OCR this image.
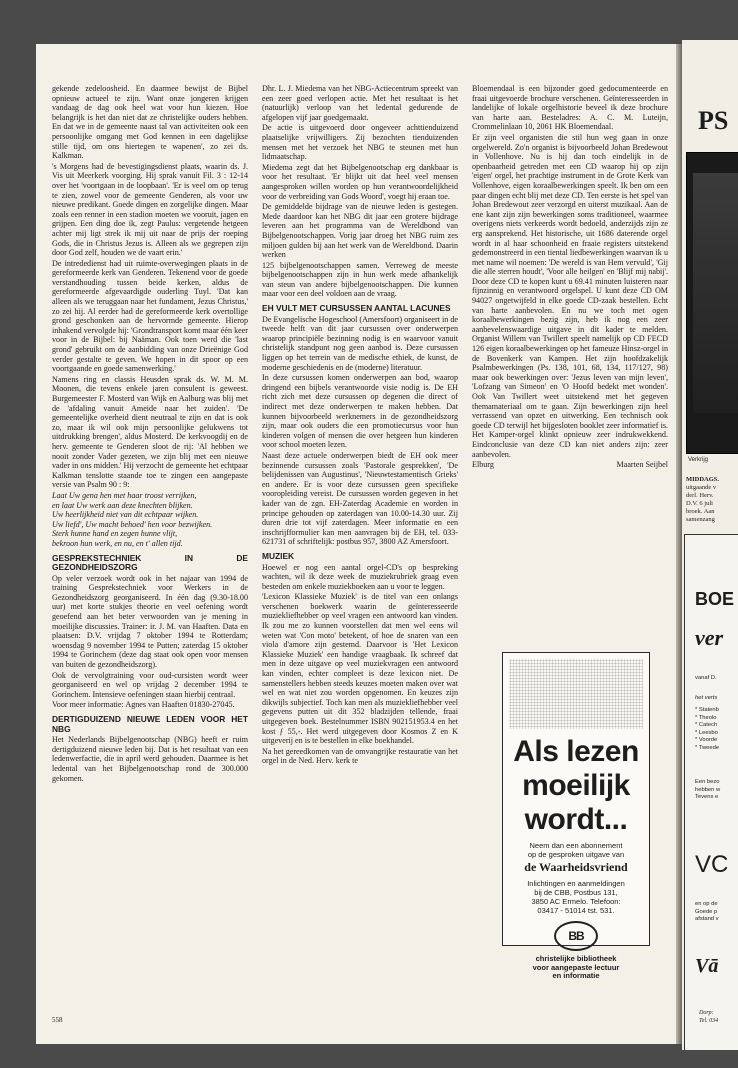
gekende zedeloosheid. En daarmee bewijst de Bijbel opnieuw actueel te zijn. Want onze jongeren krijgen vandaag de dag ook heel wat voor hun kiezen. Hoe belangrijk is het dan niet dat ze christelijke ouders hebben. En dat we in de gemeente naast tal van activiteiten ook een persoonlijke omgang met God kennen in een dagelijkse stille tijd, om ons hiertegen te wapenen', zo zei ds. Kalkman.

's Morgens had de bevestigingsdienst plaats, waarin ds. J. Vis uit Meerkerk voorging. Hij sprak vanuit Fil. 3 : 12-14 over het 'voortgaan in de loopbaan'. 'Er is veel om op terug te zien, zowel voor de gemeente Genderen, als voor uw nieuwe predikant. Goede dingen en zorgelijke dingen. Maar zoals een renner in een stadion moeten we vooruit, jagen en grijpen. Een ding doe ik, zegt Paulus: vergetende hetgeen achter mij ligt strek ik mij uit naar de prijs der roeping Gods, die in Christus Jezus is. Alleen als we gegrepen zijn door God zelf, houden we de vaart erin.'

De intrededienst had uit ruimte-overwegingen plaats in de gereformeerde kerk van Genderen. Tekenend voor de goede verstandhouding tussen beide kerken, aldus de gereformeerde afgevaardigde ouderling Tuyl. 'Dat kan alleen als we teruggaan naar het fundament, Jezus Christus,' zo zei hij. Al eerder had de gereformeerde kerk overtollige grond geschonken aan de hervormde gemeente. Hierop inhakend vervolgde hij: 'Grondtransport komt maar één keer voor in de Bijbel: bij Naäman. Ook toen werd die 'last grond' gebruikt om de aanbidding van onze Drieënige God verder gestalte te geven. We hopen in dit spoor op een voortgaande en goede samenwerking.'

Namens ring en classis Heusden sprak ds. W. M. M. Moonen, die tevens enkele jaren consulent is geweest. Burgemeester F. Mosterd van Wijk en Aalburg was blij met de 'afdaling vanuit Ameide naar het zuiden'. 'De gemeentelijke overheid dient neutraal te zijn en dat is ook zo, maar ik wil ook mijn persoonlijke gelukwens tot uitdrukking brengen', aldus Mosterd. De kerkvoogdij en de herv. gemeente te Genderen sloot de rij: 'Al hebben we nooit zonder Vader gezeten, we zijn blij met een nieuwe vader in ons midden.' Hij verzocht de gemeente het echtpaar Kalkman tenslotte staande toe te zingen een aangepaste versie van Psalm 90 : 9:

Laat Uw gena hen met haar troost verrijken,
en laat Uw werk aan deze knechten blijken.
Uw heerlijkheid niet van dit echtpaar wijken.
Uw liefd', Uw macht behoed' hen voor bezwijken.
Sterk hunne hand en zegen hunne vlijt,
bekroon hun werk, en nu, en t' allen tijd.
GESPREKSTECHNIEK IN DE GEZONDHEIDSZORG

Op veler verzoek wordt ook in het najaar van 1994 de training Gesprekstechniek voor Werkers in de Gezondheidszorg georganiseerd. In één dag (9.30-18.00 uur) met korte stukjes theorie en veel oefening wordt geoefend aan het beter verwoorden van je mening in moeilijke discussies. Trainer: ir. J. M. van Haaften. Data en plaatsen: D.V. vrijdag 7 oktober 1994 te Rotterdam; woensdag 9 november 1994 te Putten; zaterdag 15 oktober 1994 te Gorinchem (deze dag staat ook open voor mensen van buiten de gezondheidszorg).

Ook de vervolgtraining voor oud-cursisten wordt weer georganiseerd en wel op vrijdag 2 december 1994 te Gorinchem. Intensieve oefeningen staan hierbij centraal.

Voor meer informatie: Agnes van Haaften 01830-27045.

DERTIGDUIZEND NIEUWE LEDEN VOOR HET NBG

Het Nederlands Bijbelgenootschap (NBG) heeft er ruim dertigduizend nieuwe leden bij. Dat is het resultaat van een ledenwerfactie, die in april werd gehouden. Daarmee is het ledental van het Bijbelgenootschap rond de 300.000 gekomen.

Dhr. L. J. Miedema van het NBG-Actiecentrum spreekt van een zeer goed verlopen actie. Met het resultaat is het (natuurlijk) verloop van het ledental gedurende de afgelopen vijf jaar goedgemaakt.

De actie is uitgevoerd door ongeveer achttienduizend plaatselijke vrijwilligers. Zij bezochten tienduizenden mensen met het verzoek het NBG te steunen met hun lidmaatschap.

Miedema zegt dat het Bijbelgenootschap erg dankbaar is voor het resultaat. 'Er blijkt uit dat heel veel mensen aangesproken willen worden op hun verantwoordelijkheid voor de verbreiding van Gods Woord', voegt hij eraan toe.

De gemiddelde bijdrage van de nieuwe leden is gestegen. Mede daardoor kan het NBG dit jaar een grotere bijdrage leveren aan het programma van de Wereldbond van Bijbelgenootschappen. Vorig jaar droeg het NBG ruim zes miljoen gulden bij aan het werk van de Wereldbond. Daarin werken

125 bijbelgenootschappen samen. Verreweg de meeste bijbelgenootschappen zijn in hun werk mede afhankelijk van steun van andere bijbelgenootschappen. Die kunnen maar voor een deel voldoen aan de vraag.

EH VULT MET CURSUSSEN AANTAL LACUNES

De Evangelische Hogeschool (Amersfoort) organiseert in de tweede helft van dit jaar cursussen over onderwerpen waarop principiële bezinning nodig is en waarvoor vanuit christelijk standpunt nog geen aanbod is. Deze cursussen liggen op het terrein van de medische ethiek, de kunst, de moderne geschiedenis en de (moderne) literatuur.

In deze cursussen komen onderwerpen aan bod, waarop dringend een bijbels verantwoorde visie nodig is. De EH richt zich met deze cursussen op degenen die direct of indirect met deze onderwerpen te maken hebben. Dat kunnen bijvoorbeeld werknemers in de gezondheidszorg zijn, maar ook ouders die een promotiecursus voor hun kinderen volgen of mensen die over hetgeen hun kinderen voor school moeten lezen.

Naast deze actuele onderwerpen biedt de EH ook meer bezinnende cursussen zoals 'Pastorale gesprekken', 'De belijdenissen van Augustinus', 'Nieuwtestamentisch Grieks' en andere. Er is voor deze cursussen geen specifieke vooropleiding vereist. De cursussen worden gegeven in het kader van de zgn. EH-Zaterdag Academie en worden in principe gehouden op zaterdagen van 10.00-14.30 uur. Zij duren drie tot vijf zaterdagen. Meer informatie en een inschrijfformulier kan men aanvragen bij de EH, tel. 033-621731 of schriftelijk: postbus 957, 3800 AZ Amersfoort.

MUZIEK

Hoewel er nog een aantal orgel-CD's op bespreking wachten, wil ik deze week de muziekrubriek graag even besteden om enkele muziekboeken aan u voor te leggen.

'Lexicon Klassieke Muziek' is de titel van een onlangs verschenen boekwerk waarin de geïnteresseerde muziekliefhebber op veel vragen een antwoord kan vinden. Ik zou me zo kunnen voorstellen dat men wel eens wil weten wat 'Con moto' betekent, of hoe de snaren van een viola d'amore zijn gestemd. Daarvoor is 'Het Lexicon Klassieke Muziek' een handige vraagbaak. Ik schreef dat men in deze uitgave op veel muziekvragen een antwoord kan vinden, echter compleet is deze lexicon niet. De samenstellers hebben steeds keuzes moeten maken over wat wel en wat niet zou worden opgenomen. En keuzes zijn dikwijls subjectief. Toch kan men als muziekliefhebber veel gegevens putten uit dit 352 bladzijden tellende, fraai uitgegeven boek. Bestelnummer ISBN 902151953.4 en het kost ƒ 55,-. Het werd uitgegeven door Kosmos Z en K uitgeverij en is te bestellen in elke boekhandel.

Na het gereedkomen van de omvangrijke restauratie van het orgel in de Ned. Herv. kerk te

Bloemendaal is een bijzonder goed gedocumenteerde en fraai uitgevoerde brochure verschenen. Geïnteresseerden in landelijke of lokale orgelhistorie beveel ik deze brochure van harte aan. Besteladres: A. C. M. Luteijn, Crommelinlaan 10, 2061 HK Bloemendaal.

Er zijn veel organisten die stil hun weg gaan in onze orgelwereld. Zo'n organist is bijvoorbeeld Johan Bredewout in Vollenhove. Nu is hij dan toch eindelijk in de openbaarheid getreden met een CD waarop hij op zijn 'eigen' orgel, het prachtige instrument in de Grote Kerk van Vollenhove, eigen koraalbewerkingen speelt. Ik ben om een paar dingen echt blij met deze CD. Ten eerste is het spel van Johan Bredewout zeer verzorgd en uiterst muzikaal. Aan de ene kant zijn zijn bewerkingen soms traditioneel, waarmee overigens niets verkeerds wordt bedoeld, anderzijds zijn ze erg aansprekend. Het historische, uit 1686 daterende orgel wordt in al haar schoonheid en fraaie registers uitstekend gedemonstreerd in een tiental liedbewerkingen waarvan ik u met name wil noemen: 'De wereld is van Hem vervuld', 'Gij die alle sterren houdt', 'Voor alle heilgen' en 'Blijf mij nabij'. Door deze CD te kopen kunt u 69.41 minuten luisteren naar fijnzinnig en verantwoord orgelspel. U kunt deze CD OM 94027 ongetwijfeld in elke goede CD-zaak bestellen. Echt van harte aanbevolen. En nu we toch met ogen koraalbewerkingen bezig zijn, heb ik nog een zeer aanbevelenswaardige uitgave in dit kader te melden. Organist Willem van Twillert speelt namelijk op CD FECD 126 eigen koraalbewerkingen op het fameuze Hinsz-orgel in de Bovenkerk van Kampen. Het zijn hoofdzakelijk Psalmbewerkingen (Ps. 138, 101, 68, 134, 117/127, 98) maar ook bewerkingen over: 'Jezus leven van mijn leven', 'Lofzang van Simeon' en 'O Hoofd bedekt met wonden'. Ook Van Twillert weet uitstekend met het gegeven themamateriaal om te gaan. Zijn bewerkingen zijn heel verrassend van opzet en uitwerking. Een technisch ook goede CD terwijl het bijgesloten booklet zeer informatief is. Het Kamper-orgel klinkt opnieuw zeer indrukwekkend. Eindconclusie van deze CD kan niet anders zijn: zeer aanbevolen.

Elburg	Maarten Seijbel
Als lezen
moeilijk
wordt...
Neem dan een abonnement
op de gesproken uitgave van
de Waarheidsvriend
Inlichtingen en aanmeldingen
bij de CBB, Postbus 131,
3850 AC Ermelo. Telefoon:
03417 - 51014 tst. 531.
BB
christelijke bibliotheek
voor aangepaste lectuur
en informatie
558
PS
Verkrijg
MIDDAGS.
uitgaande v
derl. Herv.
D.V. 6 juli
broek. Aan
samenzang
BOE
ver
vanaf D.
het verts
* Statenb
* Theolo
* Catech
* Leesbo
* Voorde
* Tweede
Een bezo
hebben w
Tevens e
VC
en op de
Goede p
afstand v
Vā
Dorp:
Tel. 034
